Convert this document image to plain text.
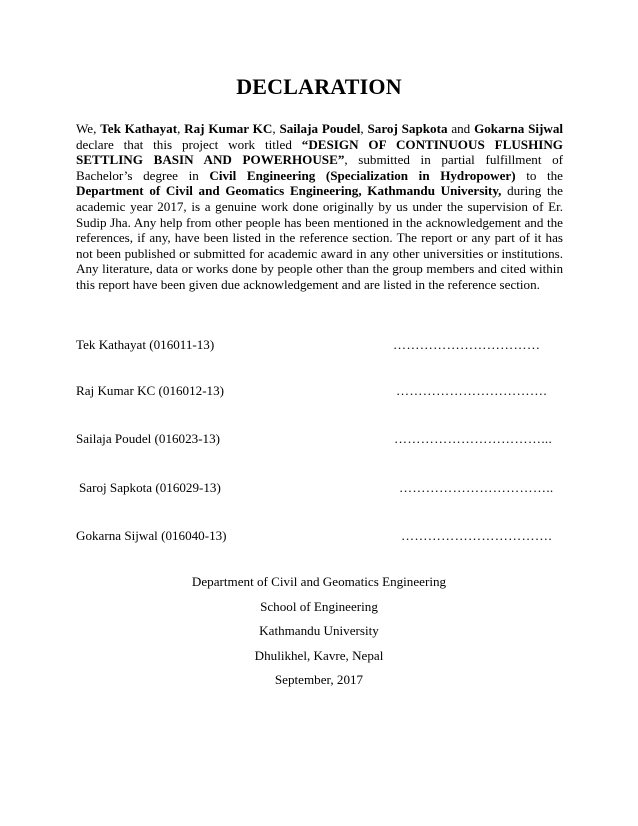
DECLARATION

We, Tek Kathayat, Raj Kumar KC, Sailaja Poudel, Saroj Sapkota and Gokarna Sijwal declare that this project work titled “DESIGN OF CONTINUOUS FLUSHING SETTLING BASIN AND POWERHOUSE”, submitted in partial fulfillment of Bachelor’s degree in Civil Engineering (Specialization in Hydropower) to the Department of Civil and Geomatics Engineering, Kathmandu University, during the academic year 2017, is a genuine work done originally by us under the supervision of Er. Sudip Jha. Any help from other people has been mentioned in the acknowledgement and the references, if any, have been listed in the reference section. The report or any part of it has not been published or submitted for academic award in any other universities or institutions. Any literature, data or works done by people other than the group members and cited within this report have been given due acknowledgement and are listed in the reference section.

Tek Kathayat (016011-13)	……………………………
Raj Kumar KC (016012-13)	…………………………….
Sailaja Poudel (016023-13)	……………………………...
Saroj Sapkota (016029-13)	……………………………..
Gokarna Sijwal (016040-13)	…………………………….

Department of Civil and Geomatics Engineering

School of Engineering

Kathmandu University

Dhulikhel, Kavre, Nepal

September, 2017
